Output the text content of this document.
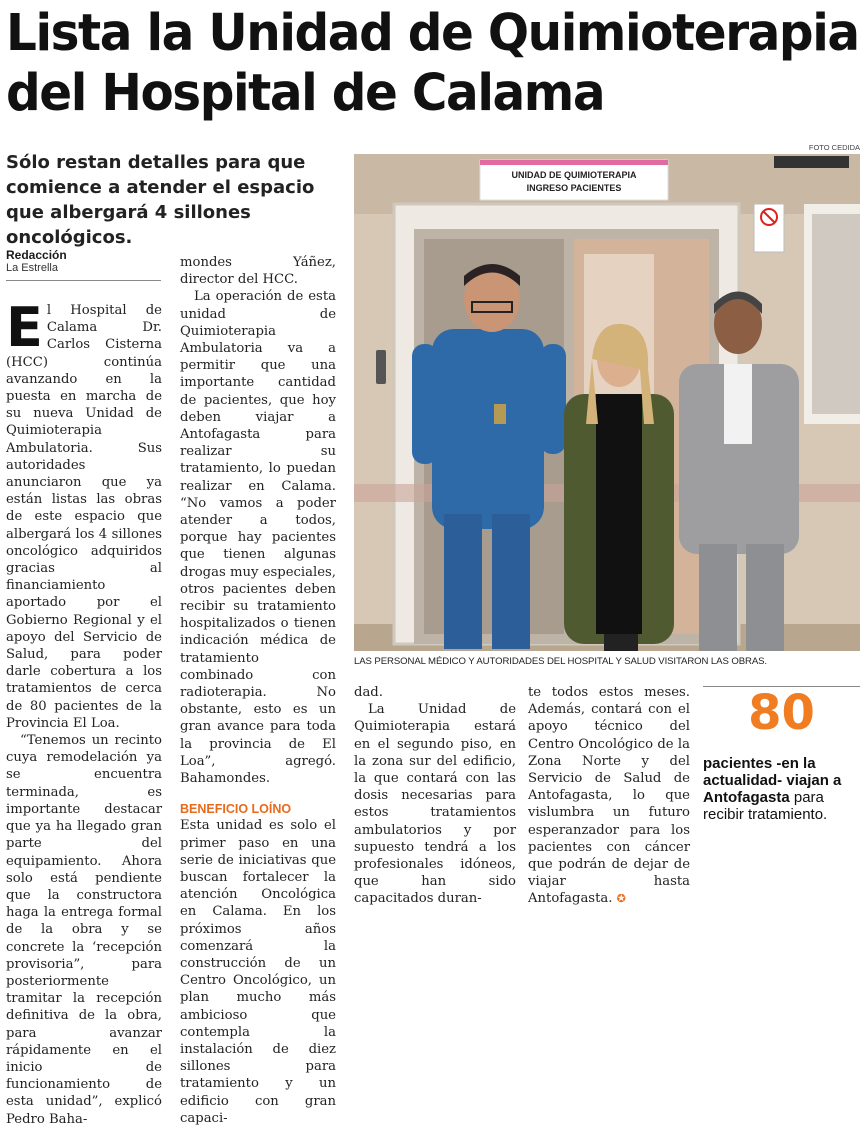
Lista la Unidad de Quimioterapia
del Hospital de Calama
FOTO CEDIDA
Sólo restan detalles para que comience a atender el espacio que albergará 4 sillones oncológicos.
Redacción
La Estrella

El Hospital de Calama Dr. Carlos Cisterna (HCC) continúa avanzando en la puesta en marcha de su nueva Unidad de Quimioterapia Ambulatoria. Sus autoridades anunciaron que ya están listas las obras de este espacio que albergará los 4 sillones oncológico adquiridos gracias al financiamiento aportado por el Gobierno Regional y el apoyo del Servicio de Salud, para poder darle cobertura a los tratamientos de cerca de 80 pacientes de la Provincia El Loa.

“Tenemos un recinto cuya remodelación ya se encuentra terminada, es importante destacar que ya ha llegado gran parte del equipamiento. Ahora solo está pendiente que la constructora haga la entrega formal de la obra y se concrete la ‘recepción provisoria”, para posteriormente tramitar la recepción definitiva de la obra, para avanzar rápidamente en el inicio de funcionamiento de esta unidad”, explicó Pedro Baha-

mondes Yáñez, director del HCC.

La operación de esta unidad de Quimioterapia Ambulatoria va a permitir que una importante cantidad de pacientes, que hoy deben viajar a Antofagasta para realizar su tratamiento, lo puedan realizar en Calama. “No vamos a poder atender a todos, porque hay pacientes que tienen algunas drogas muy especiales, otros pacientes deben recibir su tratamiento hospitalizados o tienen indicación médica de tratamiento combinado con radioterapia. No obstante, esto es un gran avance para toda la provincia de El Loa”, agregó. Bahamondes.

BENEFICIO LOÍNO

Esta unidad es solo el primer paso en una serie de iniciativas que buscan fortalecer la atención Oncológica en Calama. En los próximos años comenzará la construcción de un Centro Oncológico, un plan mucho más ambicioso que contempla la instalación de diez sillones para tratamiento y un edificio con gran capaci-

UNIDAD DE QUIMIOTERAPIA
INGRESO PACIENTES
LAS PERSONAL MÉDICO Y AUTORIDADES DEL HOSPITAL Y SALUD VISITARON LAS OBRAS.

dad.

La Unidad de Quimioterapia estará en el segundo piso, en la zona sur del edificio, la que contará con las dosis necesarias para estos tratamientos ambulatorios y por supuesto tendrá a los profesionales idóneos, que han sido capacitados duran-

te todos estos meses. Además, contará con el apoyo técnico del Centro Oncológico de la Zona Norte y del Servicio de Salud de Antofagasta, lo que vislumbra un futuro esperanzador para los pacientes con cáncer que podrán de dejar de viajar hasta Antofagasta. ✪

80
pacientes -en la actualidad- viajan a Antofagasta para recibir tratamiento.
